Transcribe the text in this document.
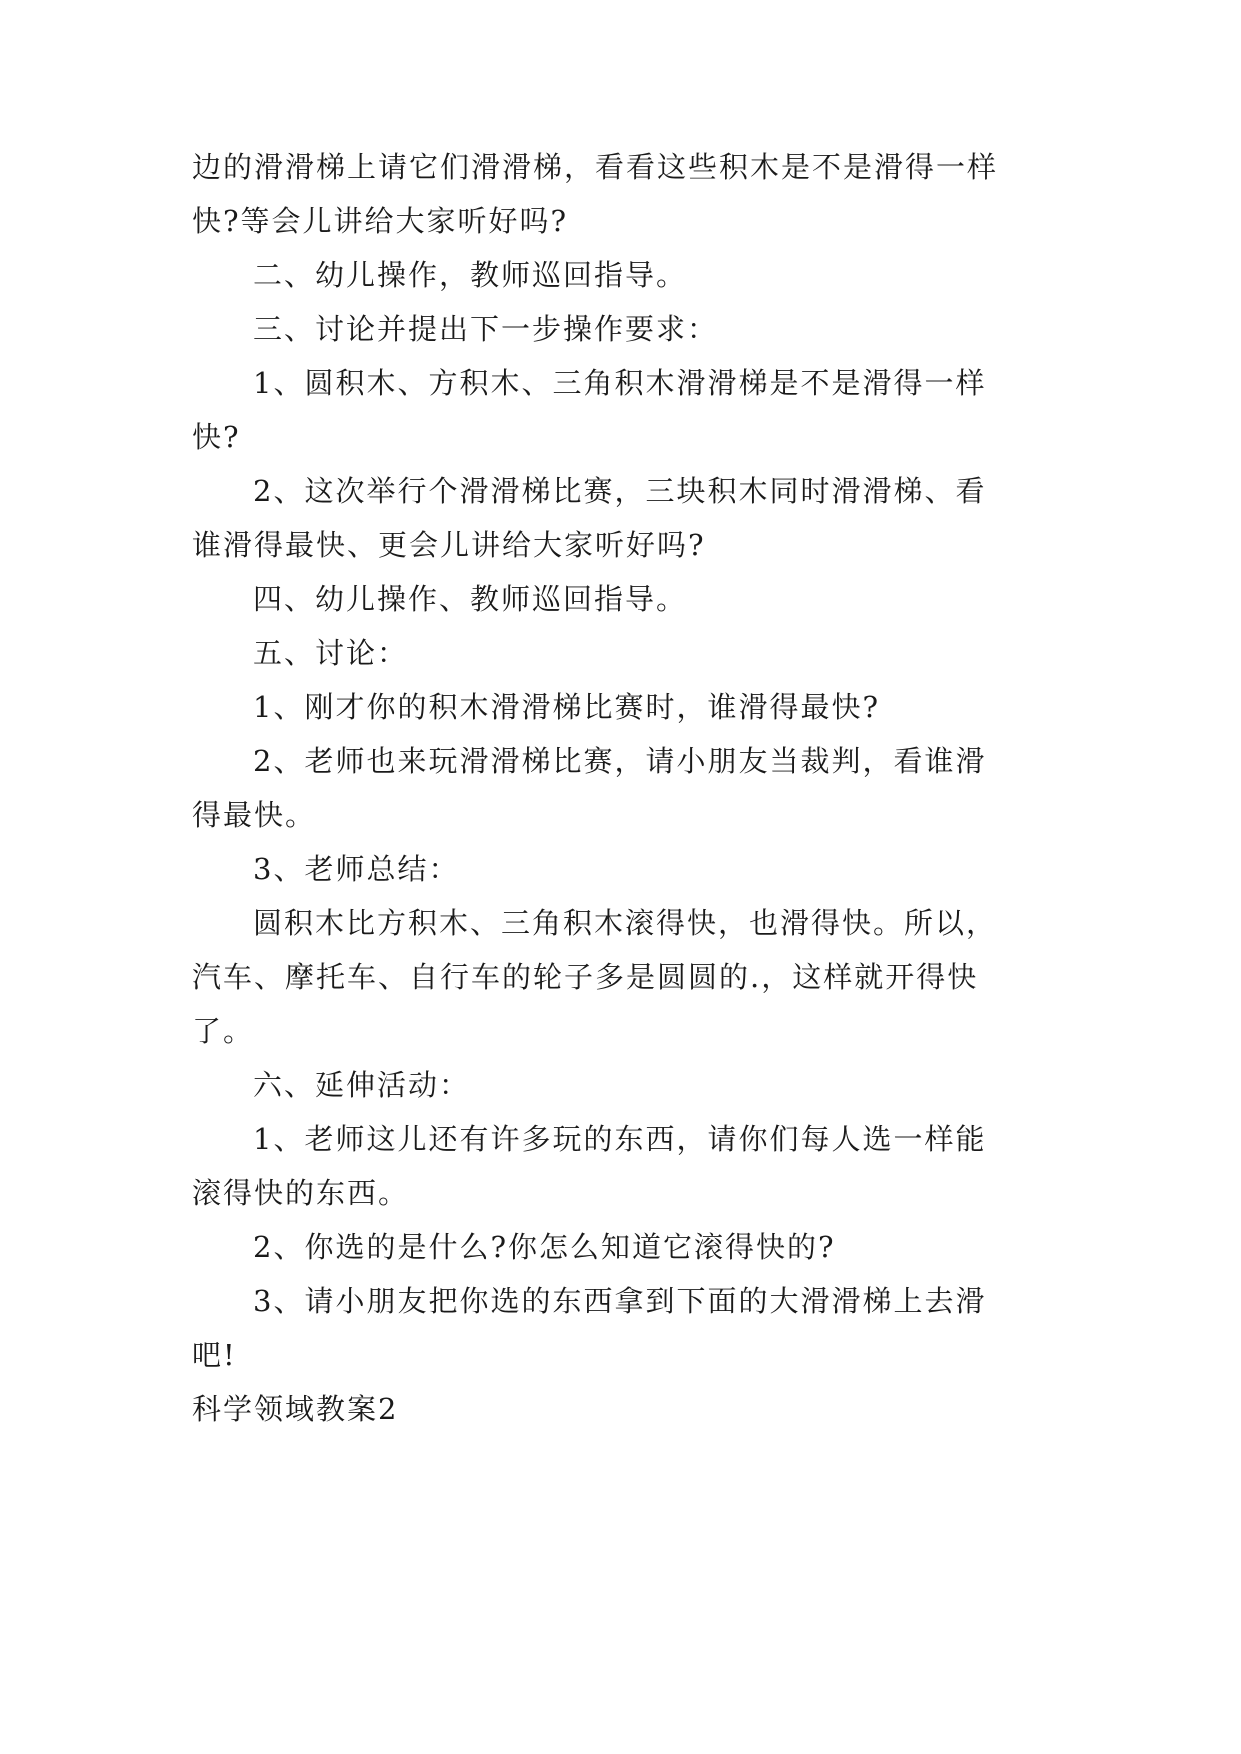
边的滑滑梯上请它们滑滑梯，看看这些积木是不是滑得一样
快?等会儿讲给大家听好吗?
二、幼儿操作，教师巡回指导。
三、讨论并提出下一步操作要求：
1、圆积木、方积木、三角积木滑滑梯是不是滑得一样
快?
2、这次举行个滑滑梯比赛，三块积木同时滑滑梯、看
谁滑得最快、更会儿讲给大家听好吗?
四、幼儿操作、教师巡回指导。
五、讨论：
1、刚才你的积木滑滑梯比赛时，谁滑得最快?
2、老师也来玩滑滑梯比赛，请小朋友当裁判，看谁滑
得最快。
3、老师总结：
圆积木比方积木、三角积木滚得快，也滑得快。所以，
汽车、摩托车、自行车的轮子多是圆圆的.，这样就开得快
了。
六、延伸活动：
1、老师这儿还有许多玩的东西，请你们每人选一样能
滚得快的东西。
2、你选的是什么?你怎么知道它滚得快的?
3、请小朋友把你选的东西拿到下面的大滑滑梯上去滑
吧!
科学领域教案2
